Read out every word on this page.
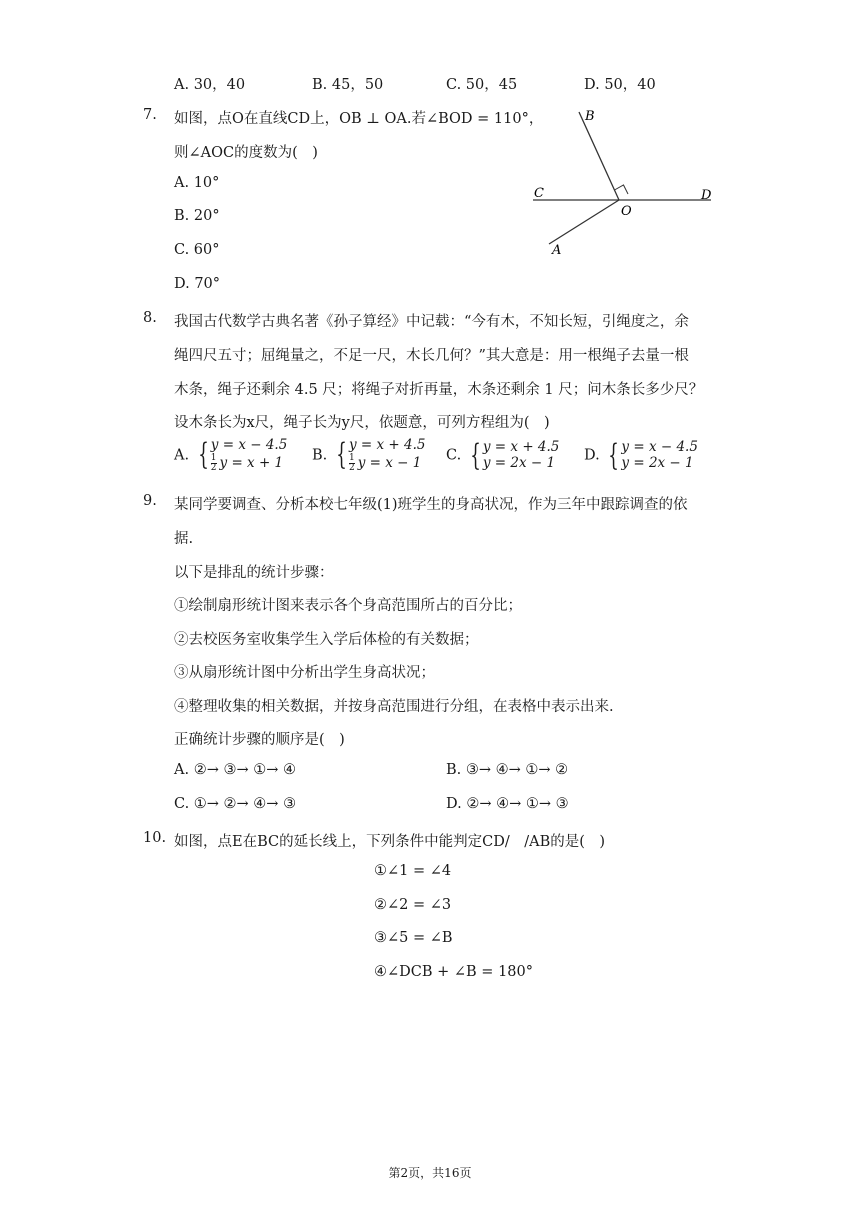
A. 30，40	B. 45，50	C. 50，45	D. 50，40
7. 如图，点O在直线CD上，OB ⊥ OA.若∠BOD = 110°，
则∠AOC的度数为(　)
A. 10°
B. 20°
C. 60°
D. 70°
B
C	D
O
A
8. 我国古代数学古典名著《孙子算经》中记载：“今有木，不知长短，引绳度之，余
绳四尺五寸；屈绳量之，不足一尺，木长几何？”其大意是：用一根绳子去量一根
木条，绳子还剩余 4.5 尺；将绳子对折再量，木条还剩余 1 尺；问木条长多少尺？
设木条长为x尺，绳子长为y尺，依题意，可列方程组为(　)
A. { y = x − 4.5
$\frac{1}{2}$ y = x + 1 B. { y = x + 4.5
$\frac{1}{2}$ y = x − 1 C. { y = x + 4.5
y = 2x − 1 D. { y = x − 4.5
y = 2x − 1
9. 某同学要调查、分析本校七年级(1)班学生的身高状况，作为三年中跟踪调查的依
据.
以下是排乱的统计步骤：
①绘制扇形统计图来表示各个身高范围所占的百分比；
②去校医务室收集学生入学后体检的有关数据；
③从扇形统计图中分析出学生身高状况；
④整理收集的相关数据，并按身高范围进行分组，在表格中表示出来.
正确统计步骤的顺序是(　)
A. ②→ ③→ ①→ ④	B. ③→ ④→ ①→ ②
C. ①→ ②→ ④→ ③	D. ②→ ④→ ①→ ③
10. 如图，点E在BC的延长线上，下列条件中能判定CD/　/AB的是(　)
①∠1 = ∠4
②∠2 = ∠3
③∠5 = ∠B
④∠DCB + ∠B = 180°
第2页，共16页
